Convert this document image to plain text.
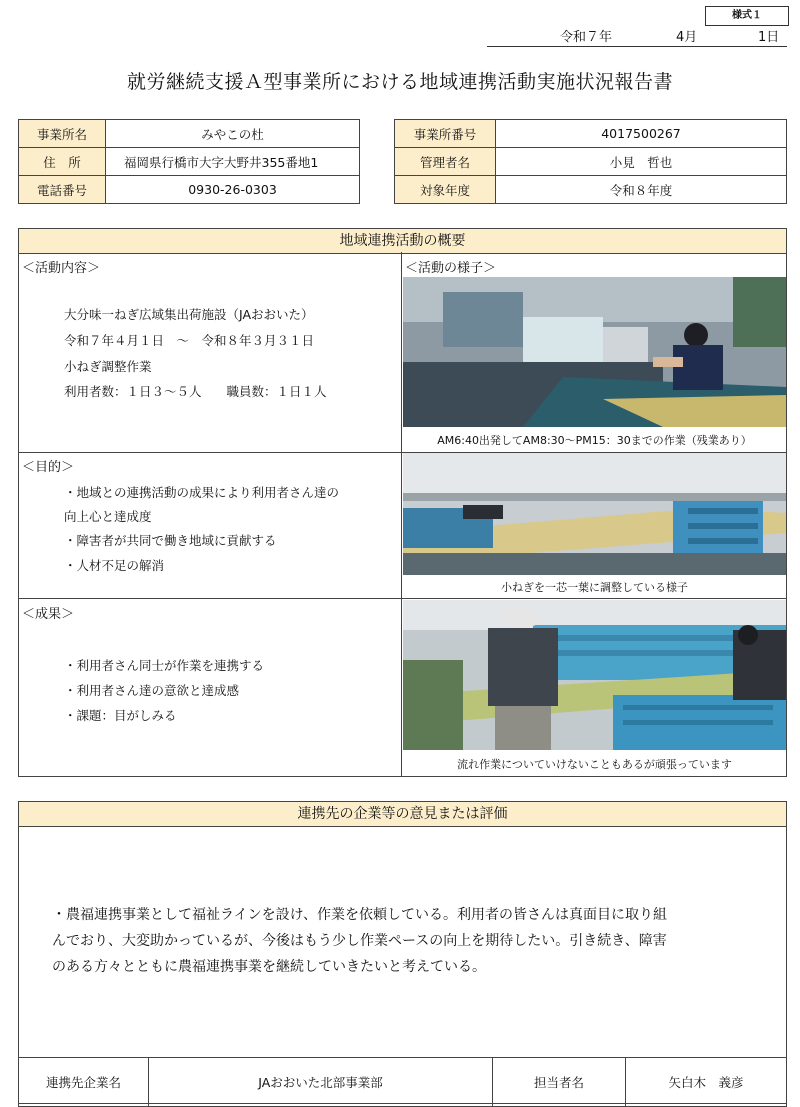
様式１
令和７年	4月	1日
就労継続支援Ａ型事業所における地域連携活動実施状況報告書
事業所名	みやこの杜
住　所	福岡県行橋市大字大野井355番地1
電話番号	0930-26-0303
事業所番号	4017500267
管理者名	小見　哲也
対象年度	令和８年度
地域連携活動の概要
＜活動内容＞
大分味一ねぎ広域集出荷施設（JAおおいた）
令和７年４月１日　～　令和８年３月３１日
小ねぎ調整作業
利用者数：１日３～５人　　職員数：１日１人
＜目的＞
・地域との連携活動の成果により利用者さん達の
向上心と達成度
・障害者が共同で働き地域に貢献する
・人材不足の解消
＜成果＞
・利用者さん同士が作業を連携する
・利用者さん達の意欲と達成感
・課題：目がしみる
＜活動の様子＞
AM6:40出発してAM8:30～PM15：30までの作業（残業あり）
小ねぎを一芯一葉に調整している様子
流れ作業についていけないこともあるが頑張っています
連携先の企業等の意見または評価
・農福連携事業として福祉ラインを設け、作業を依頼している。利用者の皆さんは真面目に取り組
んでおり、大変助かっているが、今後はもう少し作業ペースの向上を期待したい。引き続き、障害
のある方々とともに農福連携事業を継続していきたいと考えている。
連携先企業名	JAおおいた北部事業部	担当者名	矢白木　義彦
